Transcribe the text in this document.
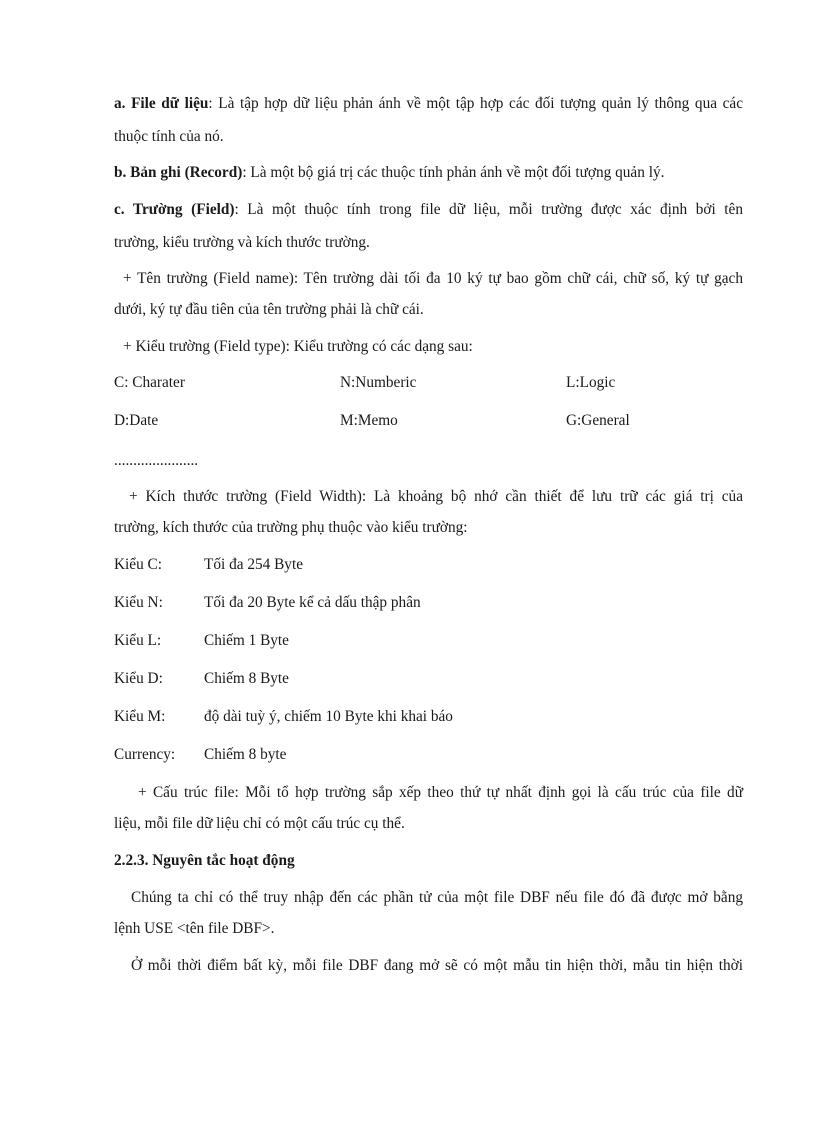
a. File dữ liệu: Là tập hợp dữ liệu phản ánh về một tập hợp các đối tượng quản lý thông qua các
thuộc tính của nó.
b. Bản ghi (Record): Là một bộ giá trị các thuộc tính phản ánh về một đối tượng quản lý.
c. Trường (Field): Là một thuộc tính trong file dữ liệu, mỗi trường được xác định bởi tên
trường, kiểu trường và kích thước trường.
+ Tên trường (Field name): Tên trường dài tối đa 10 ký tự bao gồm chữ cái, chữ số, ký tự gạch
dưới, ký tự đầu tiên của tên trường phải là chữ cái.
+ Kiểu trường (Field type): Kiểu trường có các dạng sau:
C: Charater	N:Numberic	L:Logic
D:Date	M:Memo	G:General
......................
+ Kích thước trường (Field Width): Là khoảng bộ nhớ cần thiết để lưu trữ các giá trị của
trường, kích thước của trường phụ thuộc vào kiểu trường:
Kiểu C:	Tối đa 254 Byte
Kiểu N:	Tối đa 20 Byte kể cả dấu thập phân
Kiểu L:	Chiếm 1 Byte
Kiểu D:	Chiếm 8 Byte
Kiểu M:	độ dài tuỳ ý, chiếm 10 Byte khi khai báo
Currency: Chiếm 8 byte
+ Cấu trúc file: Mỗi tổ hợp trường sắp xếp theo thứ tự nhất định gọi là cấu trúc của file dữ
liệu, mỗi file dữ liệu chỉ có một cấu trúc cụ thể.
2.2.3. Nguyên tắc hoạt động
Chúng ta chỉ có thể truy nhập đến các phần tử của một file DBF nếu file đó đã được mở bằng
lệnh USE <tên file DBF>.
Ở mỗi thời điểm bất kỳ, mỗi file DBF đang mở sẽ có một mẫu tin hiện thời, mẫu tin hiện thời
